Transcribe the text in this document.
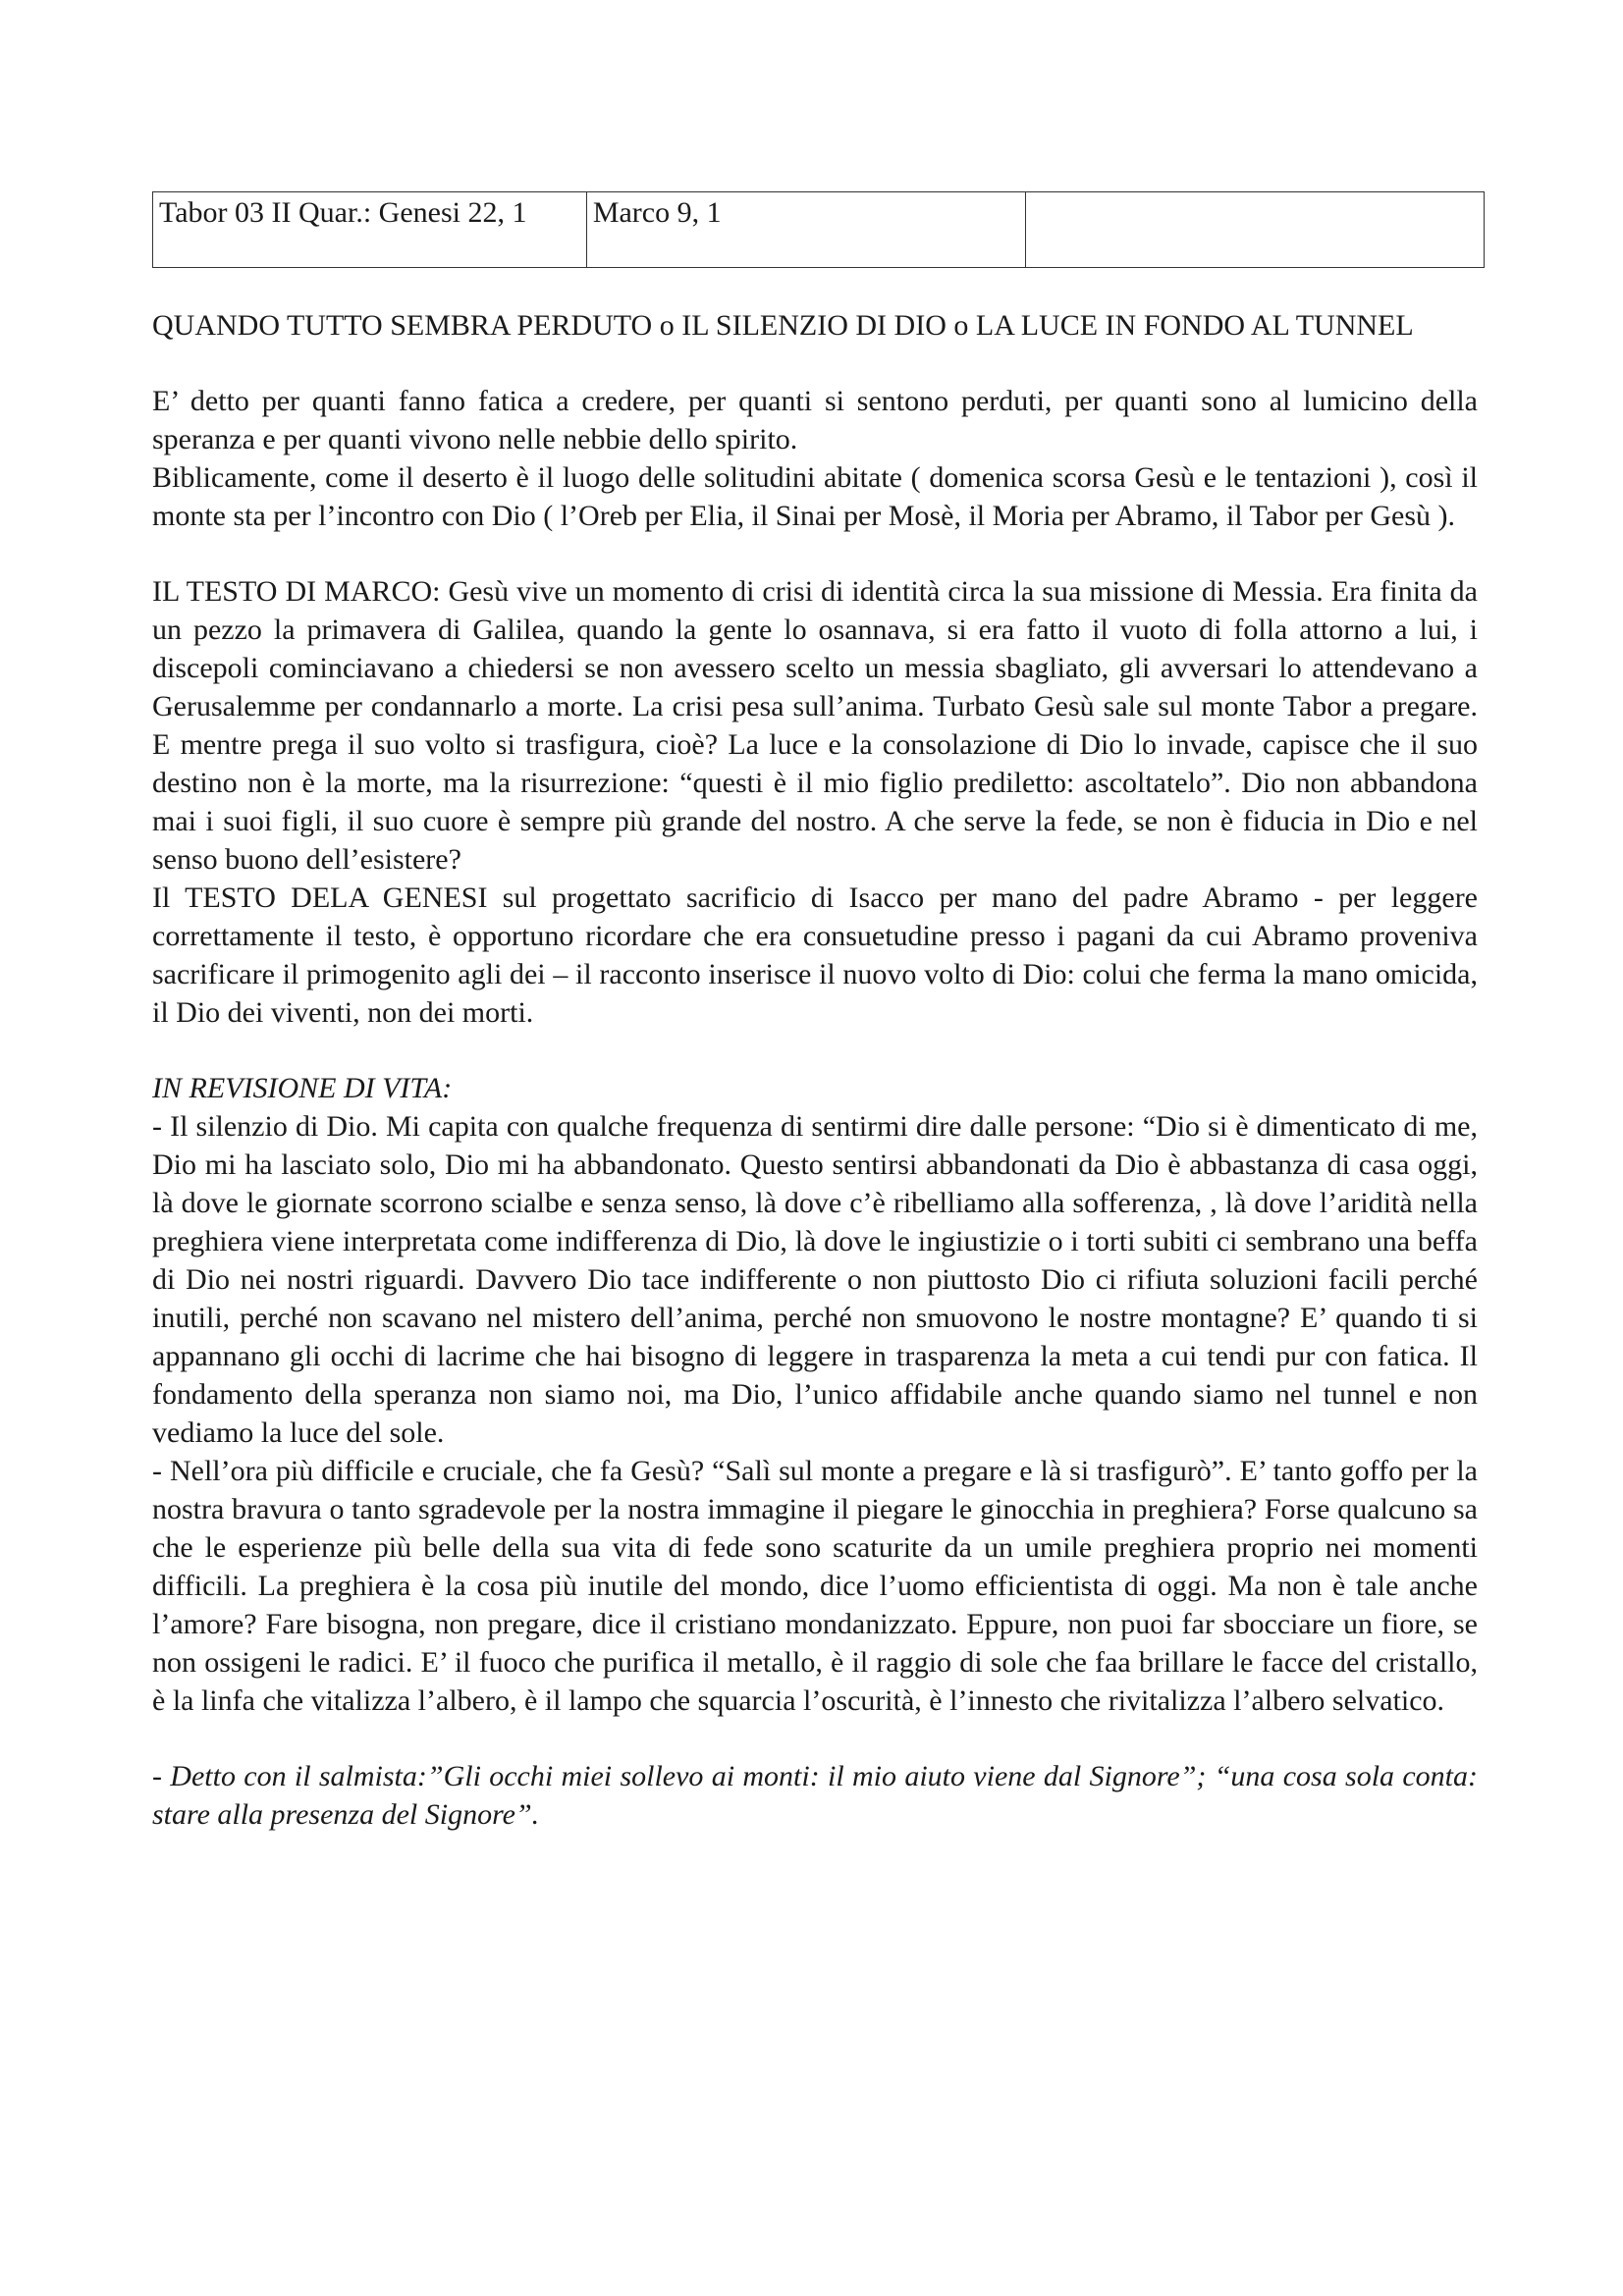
Tabor 03 II Quar.: Genesi 22, 1	Marco 9, 1	
QUANDO TUTTO SEMBRA PERDUTO o IL SILENZIO DI DIO o LA LUCE IN FONDO AL TUNNEL

E’ detto per quanti fanno fatica a credere, per quanti si sentono perduti, per quanti sono al lumicino della speranza e per quanti vivono nelle nebbie dello spirito.

Biblicamente, come il deserto è il luogo delle solitudini abitate ( domenica scorsa Gesù e le tentazioni ), così il monte sta per l’incontro con Dio ( l’Oreb per Elia, il Sinai per Mosè, il Moria per Abramo, il Tabor per Gesù ).

IL TESTO DI MARCO: Gesù vive un momento di crisi di identità circa la sua missione di Messia. Era finita da un pezzo la primavera di Galilea, quando la gente lo osannava, si era fatto il vuoto di folla attorno a lui, i discepoli cominciavano a chiedersi se non avessero scelto un messia sbagliato, gli avversari lo attendevano a Gerusalemme per condannarlo a morte. La crisi pesa sull’anima. Turbato Gesù sale sul monte Tabor a pregare. E mentre prega il suo volto si trasfigura, cioè? La luce e la consolazione di Dio lo invade, capisce che il suo destino non è la morte, ma la risurrezione: “questi è il mio figlio prediletto: ascoltatelo”. Dio non abbandona mai i suoi figli, il suo cuore è sempre più grande del nostro. A che serve la fede, se non è fiducia in Dio e nel senso buono dell’esistere?

Il TESTO DELA GENESI sul progettato sacrificio di Isacco per mano del padre Abramo - per leggere correttamente il testo, è opportuno ricordare che era consuetudine presso i pagani da cui Abramo proveniva sacrificare il primogenito agli dei – il racconto inserisce il nuovo volto di Dio: colui che ferma la mano omicida, il Dio dei viventi, non dei morti.

IN REVISIONE DI VITA:

- Il silenzio di Dio. Mi capita con qualche frequenza di sentirmi dire dalle persone: “Dio si è dimenticato di me, Dio mi ha lasciato solo, Dio mi ha abbandonato. Questo sentirsi abbandonati da Dio è abbastanza di casa oggi, là dove le giornate scorrono scialbe e senza senso, là dove c’è ribelliamo alla sofferenza, , là dove l’aridità nella preghiera viene interpretata come indifferenza di Dio, là dove le ingiustizie o i torti subiti ci sembrano una beffa di Dio nei nostri riguardi. Davvero Dio tace indifferente o non piuttosto Dio ci rifiuta soluzioni facili perché inutili, perché non scavano nel mistero dell’anima, perché non smuovono le nostre montagne? E’ quando ti si appannano gli occhi di lacrime che hai bisogno di leggere in trasparenza la meta a cui tendi pur con fatica. Il fondamento della speranza non siamo noi, ma Dio, l’unico affidabile anche quando siamo nel tunnel e non vediamo la luce del sole.

- Nell’ora più difficile e cruciale, che fa Gesù? “Salì sul monte a pregare e là si trasfigurò”. E’ tanto goffo per la nostra bravura o tanto sgradevole per la nostra immagine il piegare le ginocchia in preghiera? Forse qualcuno sa che le esperienze più belle della sua vita di fede sono scaturite da un umile preghiera proprio nei momenti difficili. La preghiera è la cosa più inutile del mondo, dice l’uomo efficientista di oggi. Ma non è tale anche l’amore? Fare bisogna, non pregare, dice il cristiano mondanizzato. Eppure, non puoi far sbocciare un fiore, se non ossigeni le radici. E’ il fuoco che purifica il metallo, è il raggio di sole che faa brillare le facce del cristallo, è la linfa che vitalizza l’albero, è il lampo che squarcia l’oscurità, è l’innesto che rivitalizza l’albero selvatico.

- Detto con il salmista:”Gli occhi miei sollevo ai monti: il mio aiuto viene dal Signore”; “una cosa sola conta: stare alla presenza del Signore”.
